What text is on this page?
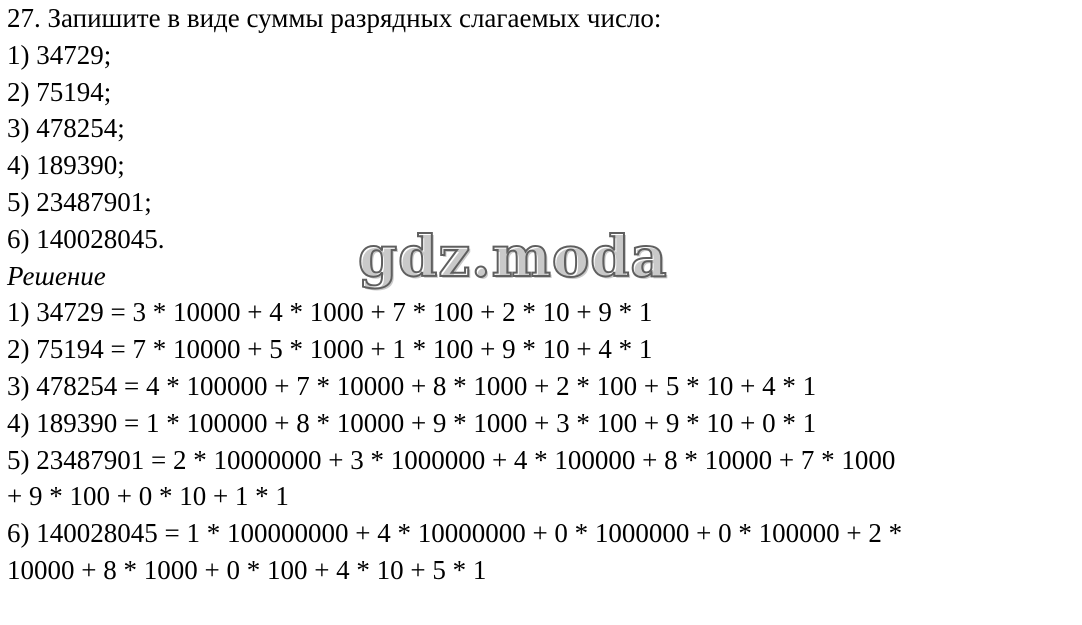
27. Запишите в виде суммы разрядных слагаемых число:
1) 34729;
2) 75194;
3) 478254;
4) 189390;
5) 23487901;
6) 140028045.
Решение
1) 34729 = 3 * 10000 + 4 * 1000 + 7 * 100 + 2 * 10 + 9 * 1
2) 75194 = 7 * 10000 + 5 * 1000 + 1 * 100 + 9 * 10 + 4 * 1
3) 478254 = 4 * 100000 + 7 * 10000 + 8 * 1000 + 2 * 100 + 5 * 10 + 4 * 1
4) 189390 = 1 * 100000 + 8 * 10000 + 9 * 1000 + 3 * 100 + 9 * 10 + 0 * 1
5) 23487901 = 2 * 10000000 + 3 * 1000000 + 4 * 100000 + 8 * 10000 + 7 * 1000
+ 9 * 100 + 0 * 10 + 1 * 1
6) 140028045 = 1 * 100000000 + 4 * 10000000 + 0 * 1000000 + 0 * 100000 + 2 *
10000 + 8 * 1000 + 0 * 100 + 4 * 10 + 5 * 1
gdz.moda
